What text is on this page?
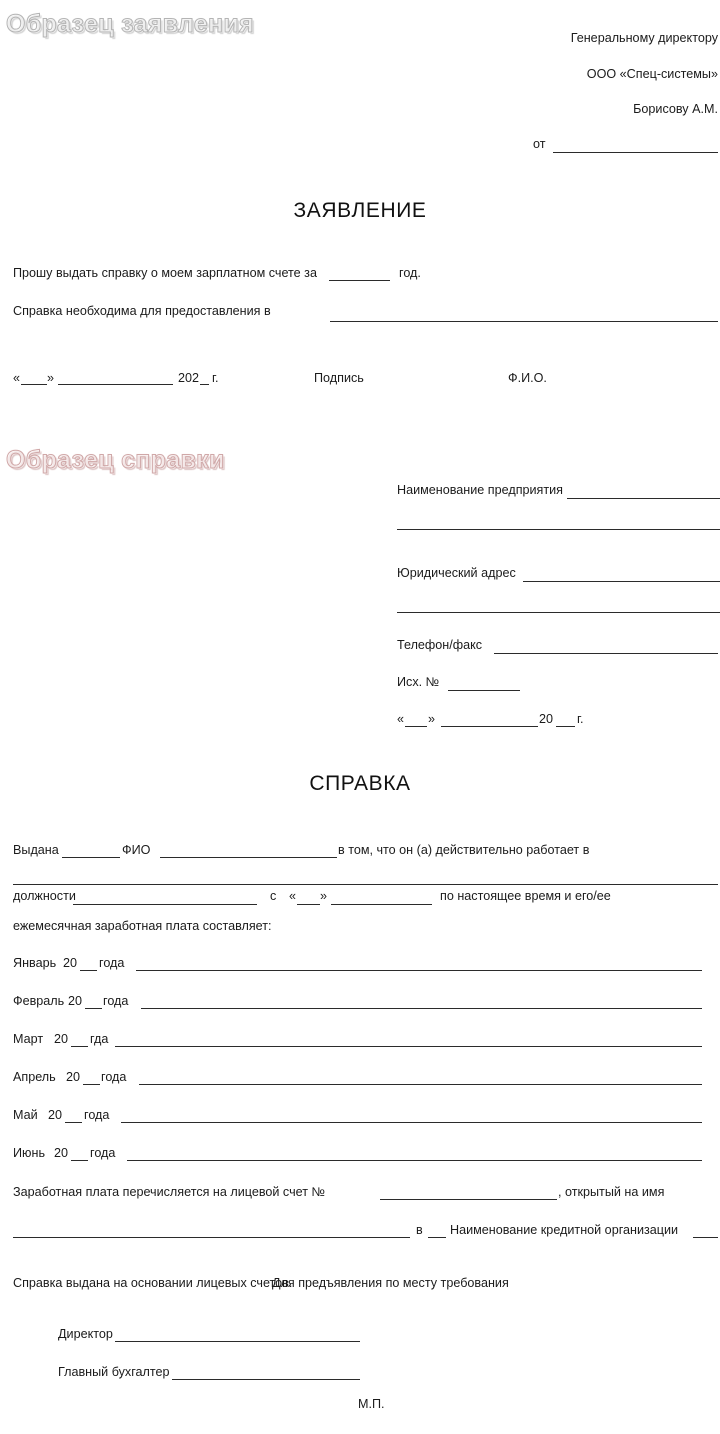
Образец заявления	Генеральному директору
ООО «Спец-системы»
Борисову А.М.
от
ЗАЯВЛЕНИЕ
Прошу выдать справку о моем зарплатном счете за	год.
Справка необходима для предоставления в
« »	202 г.	Подпись	Ф.И.О.
Образец справки
Наименование предприятия
Юридический адрес
Телефон/факс
Исх. №
« »	20 г.
СПРАВКА
Выдана	ФИО	в том, что он (а) действительно работает в
должности	с « »	по настоящее время и его/ее
ежемесячная заработная плата составляет:
Январь 20 года
Февраль 20 года
Март 20 гда
Апрель 20 года
Май 20 года
Июнь 20 года
Заработная плата перечисляется на лицевой счет №	, открытый на имя
в Наименование кредитной организации
Справка выдана на основании лицевых счетов.
Для предъявления по месту требования
Директор
Главный бухгалтер
М.П.
